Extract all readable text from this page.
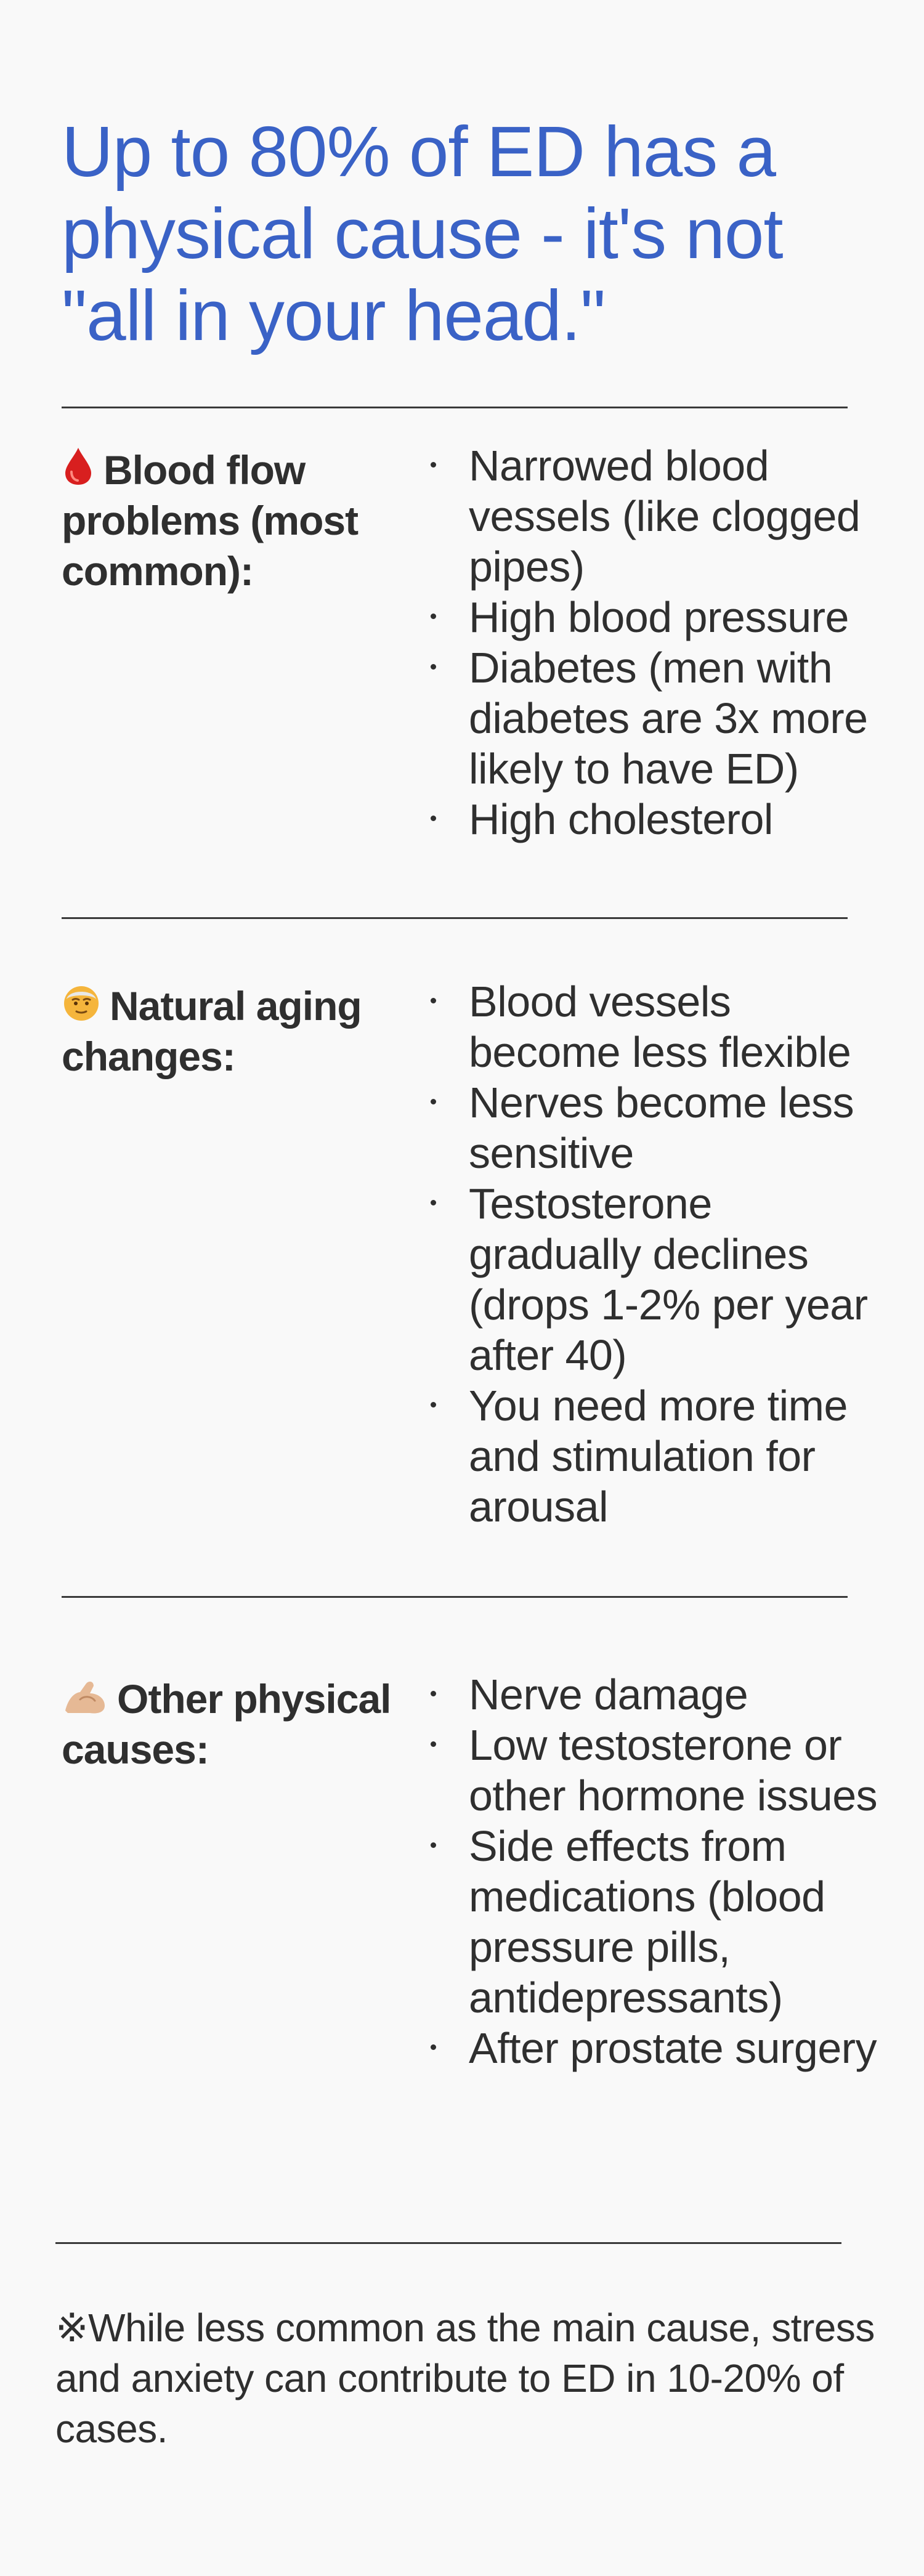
Up to 80% of ED has a physical cause - it's not "all in your head."
Blood flow problems (most common):
Narrowed blood vessels (like clogged pipes)
High blood pressure
Diabetes (men with diabetes are 3x more likely to have ED)
High cholesterol
Natural aging changes:
Blood vessels become less flexible
Nerves become less sensitive
Testosterone gradually declines (drops 1-2% per year after 40)
You need more time and stimulation for arousal
Other physical causes:
Nerve damage
Low testosterone or other hormone issues
Side effects from medications (blood pressure pills, antidepressants)
After prostate surgery

※While less common as the main cause, stress and anxiety can contribute to ED in 10-20% of cases.
